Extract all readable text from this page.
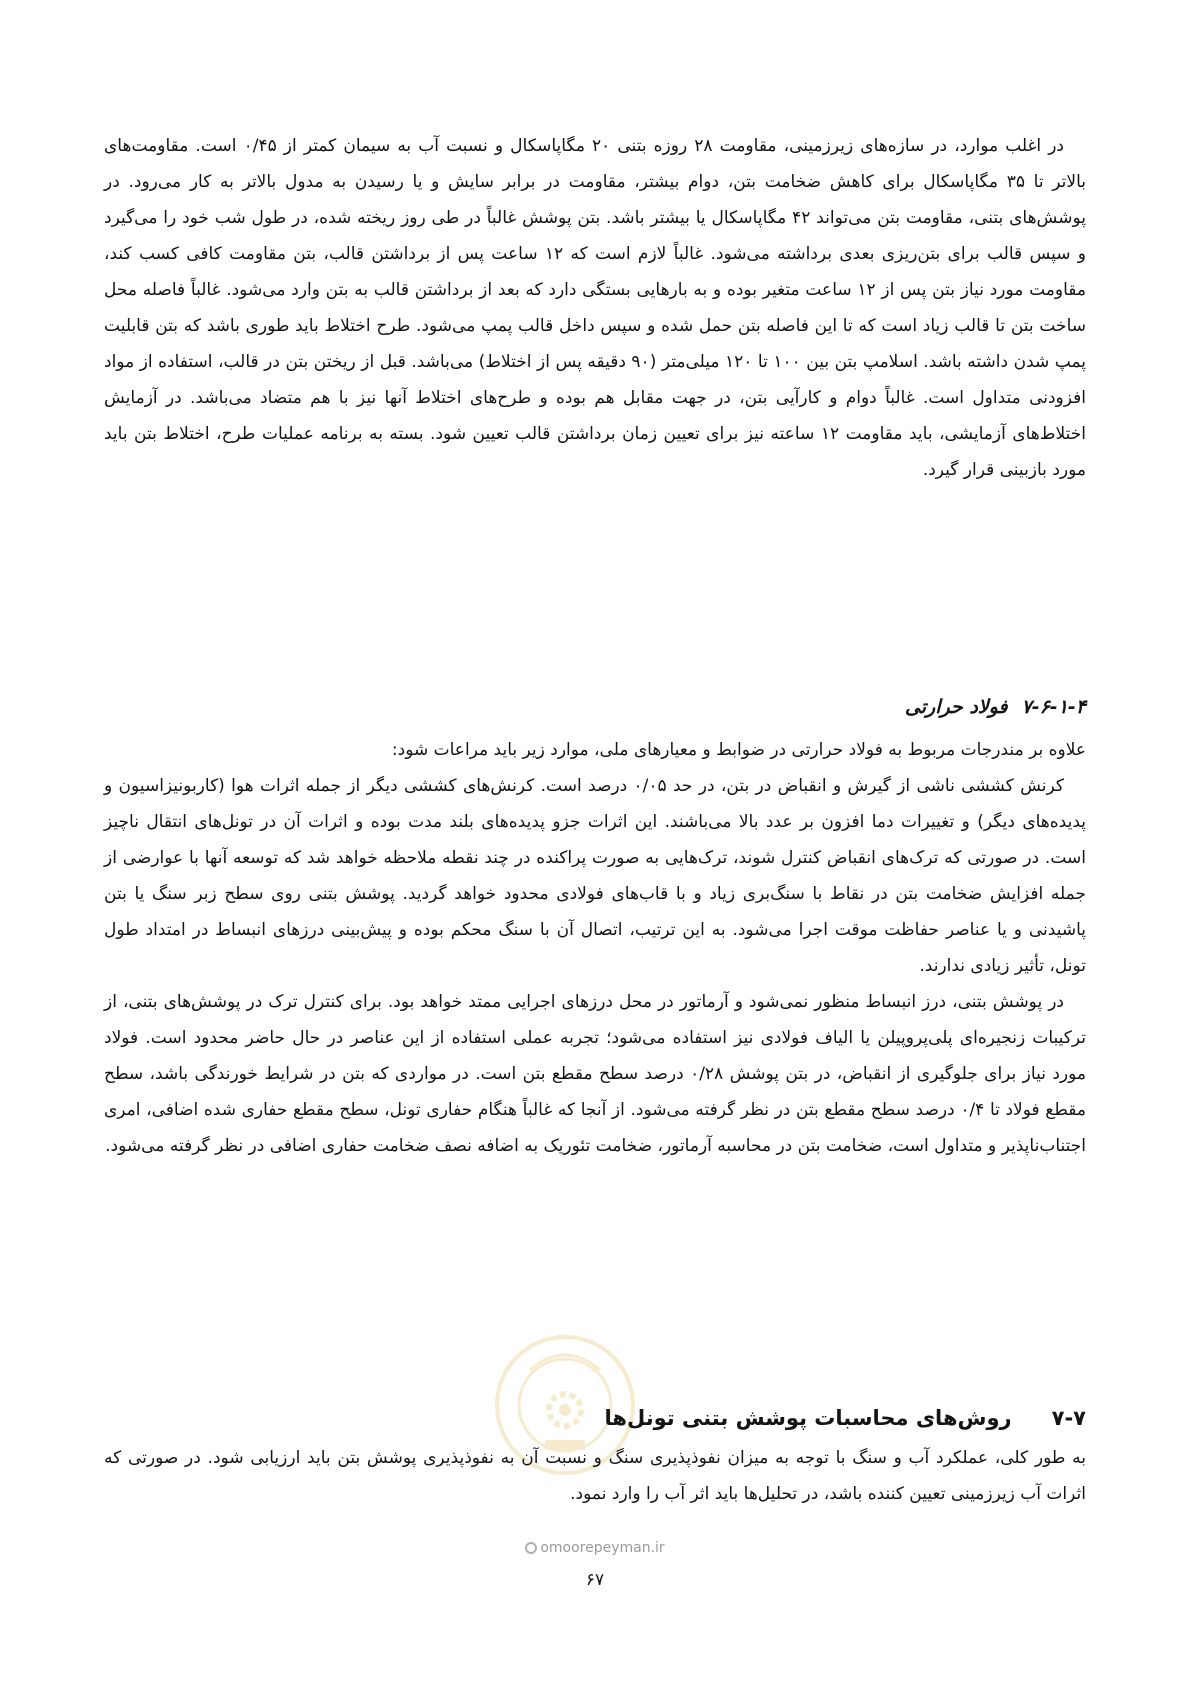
در اغلب موارد، در سازه‌های زیرزمینی، مقاومت ۲۸ روزه بتنی ۲۰ مگاپاسکال و نسبت آب به سیمان کمتر از ۰/۴۵ است. مقاومت‌های بالاتر تا ۳۵ مگاپاسکال برای کاهش ضخامت بتن، دوام بیشتر، مقاومت در برابر سایش و یا رسیدن به مدول بالاتر به کار می‌رود. در پوشش‌های بتنی، مقاومت بتن می‌تواند ۴۲ مگاپاسکال یا بیشتر باشد. بتن پوشش غالباً در طی روز ریخته شده، در طول شب خود را می‌گیرد و سپس قالب برای بتن‌ریزی بعدی برداشته می‌شود. غالباً لازم است که ۱۲ ساعت پس از برداشتن قالب، بتن مقاومت کافی کسب کند، مقاومت مورد نیاز بتن پس از ۱۲ ساعت متغیر بوده و به بارهایی بستگی دارد که بعد از برداشتن قالب به بتن وارد می‌شود. غالباً فاصله محل ساخت بتن تا قالب زیاد است که تا این فاصله بتن حمل شده و سپس داخل قالب پمپ می‌شود. طرح اختلاط باید طوری باشد که بتن قابلیت پمپ شدن داشته باشد. اسلامپ بتن بین ۱۰۰ تا ۱۲۰ میلی‌متر (۹۰ دقیقه پس از اختلاط) می‌باشد. قبل از ریختن بتن در قالب، استفاده از مواد افزودنی متداول است. غالباً دوام و کارآیی بتن، در جهت مقابل هم بوده و طرح‌های اختلاط آنها نیز با هم متضاد می‌باشد. در آزمایش اختلاط‌های آزمایشی، باید مقاومت ۱۲ ساعته نیز برای تعیین زمان برداشتن قالب تعیین شود. بسته به برنامه عملیات طرح، اختلاط بتن باید مورد بازبینی قرار گیرد.

۷-۶-۱-۴فولاد حرارتی

علاوه بر مندرجات مربوط به فولاد حرارتی در ضوابط و معیارهای ملی، موارد زیر باید مراعات شود:

کرنش کششی ناشی از گیرش و انقباض در بتن، در حد ۰/۰۵ درصد است. کرنش‌های کششی دیگر از جمله اثرات هوا (کاربونیزاسیون و پدیده‌های دیگر) و تغییرات دما افزون بر عدد بالا می‌باشند. این اثرات جزو پدیده‌های بلند مدت بوده و اثرات آن در تونل‌های انتقال ناچیز است. در صورتی که ترک‌های انقباض کنترل شوند، ترک‌هایی به صورت پراکنده در چند نقطه ملاحظه خواهد شد که توسعه آنها با عوارضی از جمله افزایش ضخامت بتن در نقاط با سنگ‌بری زیاد و با قاب‌های فولادی محدود خواهد گردید. پوشش بتنی روی سطح زبر سنگ یا بتن پاشیدنی و یا عناصر حفاظت موقت اجرا می‌شود. به این ترتیب، اتصال آن با سنگ محکم بوده و پیش‌بینی درزهای انبساط در امتداد طول تونل، تأثیر زیادی ندارند.

در پوشش بتنی، درز انبساط منظور نمی‌شود و آرماتور در محل درزهای اجرایی ممتد خواهد بود. برای کنترل ترک در پوشش‌های بتنی، از ترکیبات زنجیره‌ای پلی‌پروپیلن یا الیاف فولادی نیز استفاده می‌شود؛ تجربه عملی استفاده از این عناصر در حال حاضر محدود است. فولاد مورد نیاز برای جلوگیری از انقباض، در بتن پوشش ۰/۲۸ درصد سطح مقطع بتن است. در مواردی که بتن در شرایط خورندگی باشد، سطح مقطع فولاد تا ۰/۴ درصد سطح مقطع بتن در نظر گرفته می‌شود. از آنجا که غالباً هنگام حفاری تونل، سطح مقطع حفاری شده اضافی، امری اجتناب‌ناپذیر و متداول است، ضخامت بتن در محاسبه آرماتور، ضخامت تئوریک به اضافه نصف ضخامت حفاری اضافی در نظر گرفته می‌شود.

۷-۷روش‌های محاسبات پوشش بتنی تونل‌ها

به طور کلی، عملکرد آب و سنگ با توجه به میزان نفوذپذیری سنگ و نسبت آن به نفوذپذیری پوشش بتن باید ارزیابی شود. در صورتی که اثرات آب زیرزمینی تعیین کننده باشد، در تحلیل‌ها باید اثر آب را وارد نمود.

omoorepeyman.ir
۶۷
